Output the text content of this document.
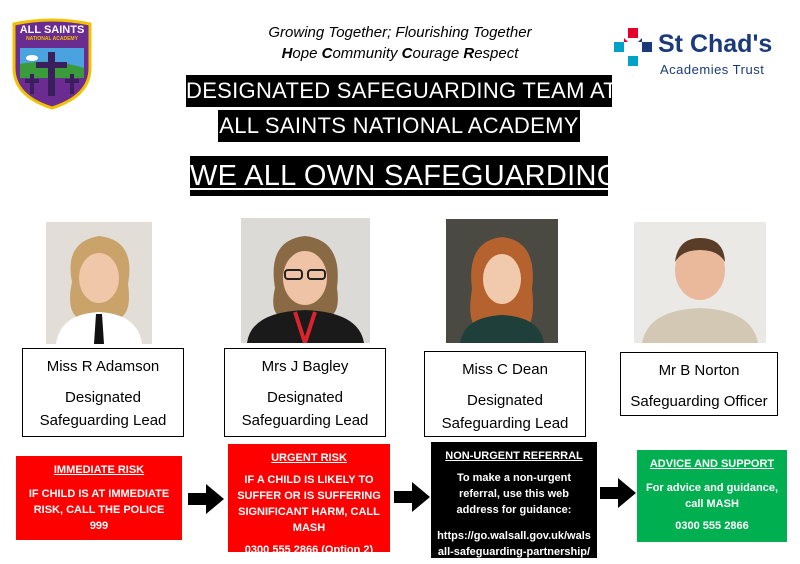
ALL SAINTS
NATIONAL ACADEMY	Growing Together; Flourishing Together
Hope Community Courage Respect	St Chad's
Academies Trust
DESIGNATED SAFEGUARDING TEAM AT
ALL SAINTS NATIONAL ACADEMY
WE ALL OWN SAFEGUARDING
Miss R Adamson
Designated
Safeguarding Lead
Mrs J Bagley
Designated
Safeguarding Lead
Miss C Dean
Designated
Safeguarding Lead
Mr B Norton
Safeguarding Officer
IMMEDIATE RISK
IF CHILD IS AT IMMEDIATE RISK, CALL THE POLICE 999
URGENT RISK
IF A CHILD IS LIKELY TO SUFFER OR IS SUFFERING SIGNIFICANT HARM, CALL MASH
0300 555 2866 (Option 2)
NON-URGENT REFERRAL
To make a non-urgent referral, use this web address for guidance:
https://go.walsall.gov.uk/walsall-safeguarding-partnership/
ADVICE AND SUPPORT
For advice and guidance, call MASH
0300 555 2866
